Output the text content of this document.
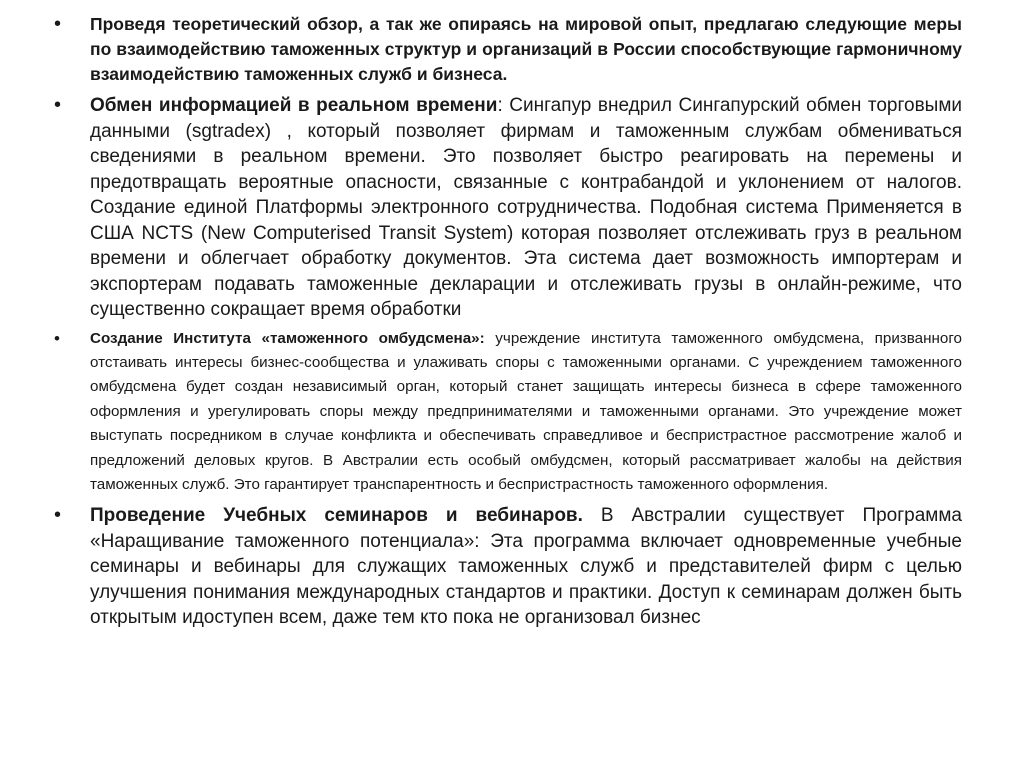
• Проведя теоретический обзор, а так же опираясь на мировой опыт, предлагаю следующие меры по взаимодействию таможенных структур и организаций в России способствующие гармоничному взаимодействию таможенных служб и бизнеса.
• Обмен информацией в реальном времени: Сингапур внедрил Сингапурский обмен торговыми данными (sgtradex) , который позволяет фирмам и таможенным службам обмениваться сведениями в реальном времени. Это позволяет быстро реагировать на перемены и предотвращать вероятные опасности, связанные с контрабандой и уклонением от налогов. Создание единой Платформы электронного сотрудничества. Подобная система Применяется в США NCTS (New Computerised Transit System) которая позволяет отслеживать груз в реальном времени и облегчает обработку документов. Эта система дает возможность импортерам и экспортерам подавать таможенные декларации и отслеживать грузы в онлайн-режиме, что существенно сокращает время обработки
• Создание Института «таможенного омбудсмена»: учреждение института таможенного омбудсмена, призванного отстаивать интересы бизнес-сообщества и улаживать споры с таможенными органами. С учреждением таможенного омбудсмена будет создан независимый орган, который станет защищать интересы бизнеса в сфере таможенного оформления и урегулировать споры между предпринимателями и таможенными органами. Это учреждение может выступать посредником в случае конфликта и обеспечивать справедливое и беспристрастное рассмотрение жалоб и предложений деловых кругов. В Австралии есть особый омбудсмен, который рассматривает жалобы на действия таможенных служб. Это гарантирует транспарентность и беспристрастность таможенного оформления.
• Проведение Учебных семинаров и вебинаров. В Австралии существует Программа «Наращивание таможенного потенциала»: Эта программа включает одновременные учебные семинары и вебинары для служащих таможенных служб и представителей фирм с целью улучшения понимания международных стандартов и практики. Доступ к семинарам должен быть открытым идоступен всем, даже тем кто пока не организовал бизнес
